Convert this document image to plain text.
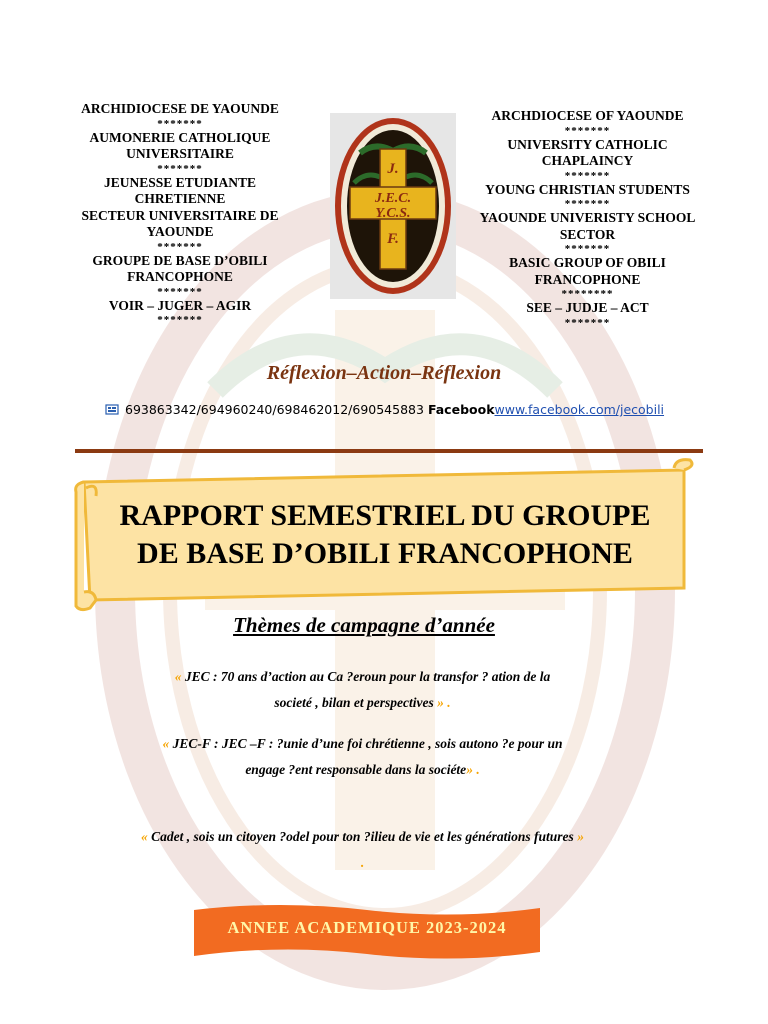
ARCHIDIOCESE DE YAOUNDE
*******
AUMONERIE CATHOLIQUE UNIVERSITAIRE
*******
JEUNESSE ETUDIANTE CHRETIENNE
SECTEUR UNIVERSITAIRE DE YAOUNDE
*******
GROUPE DE BASE D’OBILI FRANCOPHONE
*******
VOIR – JUGER – AGIR
*******
J.
J.E.C.
Y.C.S.
F.
ARCHDIOCESE OF YAOUNDE
*******
UNIVERSITY CATHOLIC CHAPLAINCY
*******
YOUNG CHRISTIAN STUDENTS
*******
YAOUNDE UNIVERISTY SCHOOL SECTOR
*******
BASIC GROUP OF OBILI FRANCOPHONE
********
SEE – JUDJE – ACT
*******
Réflexion–Action–Réflexion
693863342/694960240/698462012/690545883 Facebookwww.facebook.com/jecobili
RAPPORT SEMESTRIEL DU GROUPE
DE BASE D’OBILI FRANCOPHONE
Thèmes de campagne d’année
« JEC : 70 ans d’action au Ca ?eroun pour la transfor ? ation de la societé , bilan et perspectives » .
« JEC-F : JEC –F : ?unie d’une foi chrétienne , sois autono ?e pour un engage ?ent responsable dans la sociéte» .
« Cadet , sois un citoyen ?odel pour ton ?ilieu de vie et les générations futures » .
ANNEE ACADEMIQUE 2023-2024
